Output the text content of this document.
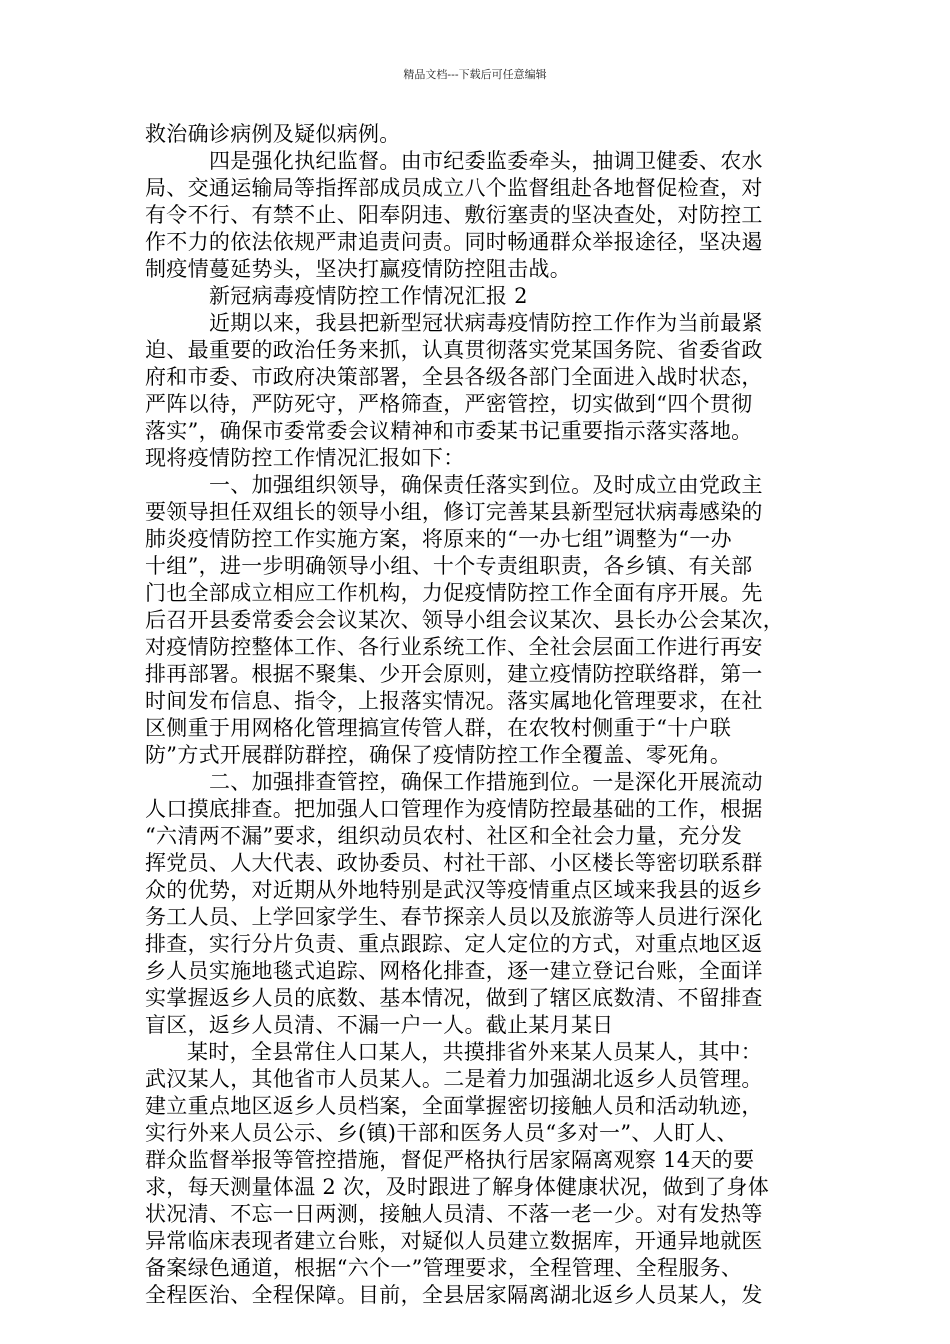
精品文档---下载后可任意编辑
救治确诊病例及疑似病例。
四是强化执纪监督。由市纪委监委牵头，抽调卫健委、农水
局、交通运输局等指挥部成员成立八个监督组赴各地督促检查，对
有令不行、有禁不止、阳奉阴违、敷衍塞责的坚决查处，对防控工
作不力的依法依规严肃追责问责。同时畅通群众举报途径，坚决遏
制疫情蔓延势头，坚决打赢疫情防控阻击战。
新冠病毒疫情防控工作情况汇报 2
近期以来，我县把新型冠状病毒疫情防控工作作为当前最紧
迫、最重要的政治任务来抓，认真贯彻落实党某国务院、省委省政
府和市委、市政府决策部署，全县各级各部门全面进入战时状态，
严阵以待，严防死守，严格筛查，严密管控，切实做到“四个贯彻
落实”，确保市委常委会议精神和市委某书记重要指示落实落地。
现将疫情防控工作情况汇报如下：
一、加强组织领导，确保责任落实到位。及时成立由党政主
要领导担任双组长的领导小组，修订完善某县新型冠状病毒感染的
肺炎疫情防控工作实施方案，将原来的“一办七组”调整为“一办
十组”，进一步明确领导小组、十个专责组职责，各乡镇、有关部
门也全部成立相应工作机构，力促疫情防控工作全面有序开展。先
后召开县委常委会会议某次、领导小组会议某次、县长办公会某次，
对疫情防控整体工作、各行业系统工作、全社会层面工作进行再安
排再部署。根据不聚集、少开会原则，建立疫情防控联络群，第一
时间发布信息、指令，上报落实情况。落实属地化管理要求，在社
区侧重于用网格化管理搞宣传管人群，在农牧村侧重于“十户联
防”方式开展群防群控，确保了疫情防控工作全覆盖、零死角。
二、加强排查管控，确保工作措施到位。一是深化开展流动
人口摸底排查。把加强人口管理作为疫情防控最基础的工作，根据
“六清两不漏”要求，组织动员农村、社区和全社会力量，充分发
挥党员、人大代表、政协委员、村社干部、小区楼长等密切联系群
众的优势，对近期从外地特别是武汉等疫情重点区域来我县的返乡
务工人员、上学回家学生、春节探亲人员以及旅游等人员进行深化
排查，实行分片负责、重点跟踪、定人定位的方式，对重点地区返
乡人员实施地毯式追踪、网格化排查，逐一建立登记台账，全面详
实掌握返乡人员的底数、基本情况，做到了辖区底数清、不留排查
盲区，返乡人员清、不漏一户一人。截止某月某日
某时，全县常住人口某人，共摸排省外来某人员某人，其中：
武汉某人，其他省市人员某人。二是着力加强湖北返乡人员管理。
建立重点地区返乡人员档案，全面掌握密切接触人员和活动轨迹，
实行外来人员公示、乡(镇)干部和医务人员“多对一”、人盯人、
群众监督举报等管控措施，督促严格执行居家隔离观察 14天的要
求，每天测量体温 2 次，及时跟进了解身体健康状况，做到了身体
状况清、不忘一日两测，接触人员清、不落一老一少。对有发热等
异常临床表现者建立台账，对疑似人员建立数据库，开通异地就医
备案绿色通道，根据“六个一”管理要求，全程管理、全程服务、
全程医治、全程保障。目前，全县居家隔离湖北返乡人员某人，发
